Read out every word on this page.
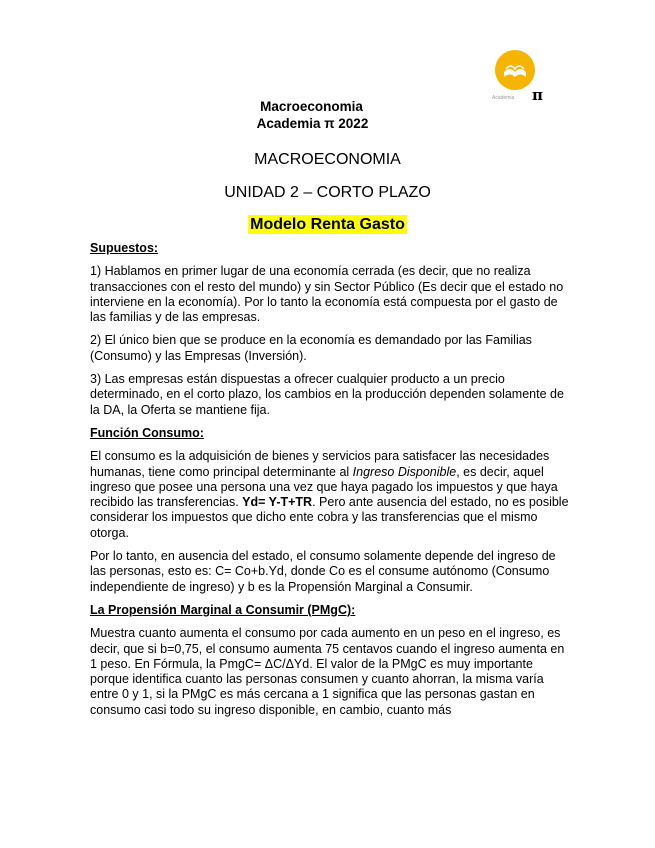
π
Academia
Macroeconomia
Academia π 2022
MACROECONOMIA
UNIDAD 2 – CORTO PLAZO
Modelo Renta Gasto
Supuestos:

1) Hablamos en primer lugar de una economía cerrada (es decir, que no realiza transacciones con el resto del mundo) y sin Sector Público (Es decir que el estado no interviene en la economía). Por lo tanto la economía está compuesta por el gasto de las familias y de las empresas.

2) El único bien que se produce en la economía es demandado por las Familias (Consumo) y las Empresas (Inversión).

3) Las empresas están dispuestas a ofrecer cualquier producto a un precio determinado, en el corto plazo, los cambios en la producción dependen solamente de la DA, la Oferta se mantiene fija.

Función Consumo:

El consumo es la adquisición de bienes y servicios para satisfacer las necesidades humanas, tiene como principal determinante al Ingreso Disponible, es decir, aquel ingreso que posee una persona una vez que haya pagado los impuestos y que haya recibido las transferencias. Yd= Y-T+TR. Pero ante ausencia del estado, no es posible considerar los impuestos que dicho ente cobra y las transferencias que el mismo otorga.

Por lo tanto, en ausencia del estado, el consumo solamente depende del ingreso de las personas, esto es: C= Co+b.Yd, donde Co es el consume autónomo (Consumo independiente de ingreso) y b es la Propensión Marginal a Consumir.

La Propensión Marginal a Consumir (PMgC):

Muestra cuanto aumenta el consumo por cada aumento en un peso en el ingreso, es decir, que si b=0,75, el consumo aumenta 75 centavos cuando el ingreso aumenta en 1 peso. En Fórmula, la PmgC= ΔC/ΔYd. El valor de la PMgC es muy importante porque identifica cuanto las personas consumen y cuanto ahorran, la misma varía entre 0 y 1, si la PMgC es más cercana a 1 significa que las personas gastan en consumo casi todo su ingreso disponible, en cambio, cuanto más
